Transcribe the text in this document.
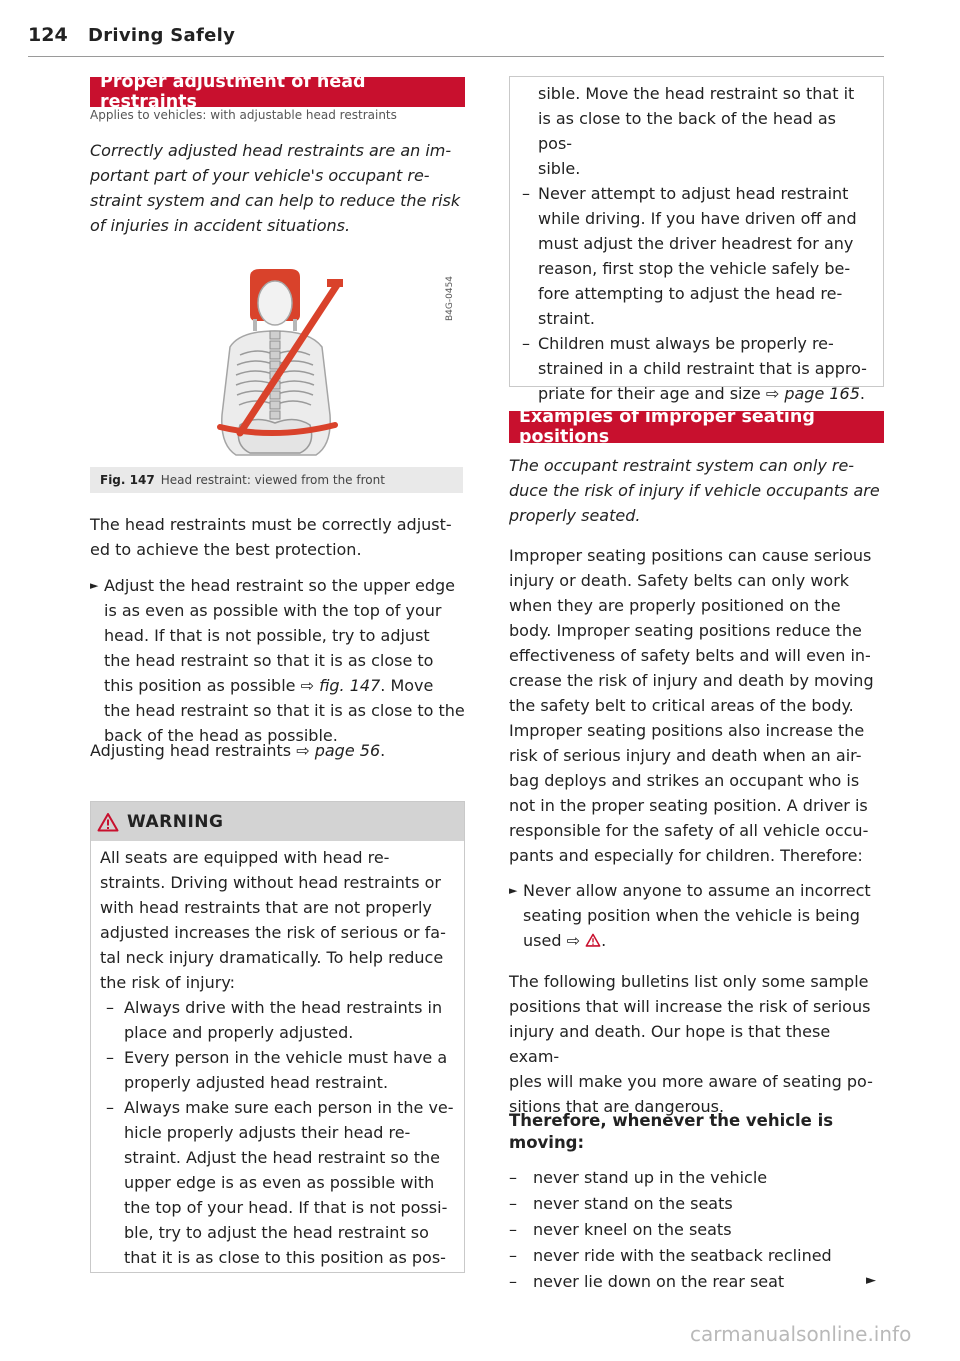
124 Driving Safely
Proper adjustment of head restraints
Applies to vehicles: with adjustable head restraints

Correctly adjusted head restraints are an im-

portant part of your vehicle's occupant re-

straint system and can help to reduce the risk

of injuries in accident situations.

B4G-0454
Fig. 147 Head restraint: viewed from the front

The head restraints must be correctly adjust-

ed to achieve the best protection.

► Adjust the head restraint so the upper edge

is as even as possible with the top of your

head. If that is not possible, try to adjust

the head restraint so that it is as close to

this position as possible ⇨ fig. 147. Move

the head restraint so that it is as close to the

back of the head as possible.

Adjusting head restraints ⇨ page 56.

WARNING

All seats are equipped with head re-

straints. Driving without head restraints or

with head restraints that are not properly

adjusted increases the risk of serious or fa-

tal neck injury dramatically. To help reduce

the risk of injury:

– Always drive with the head restraints in

place and properly adjusted.

– Every person in the vehicle must have a

properly adjusted head restraint.

– Always make sure each person in the ve-

hicle properly adjusts their head re-

straint. Adjust the head restraint so the

upper edge is as even as possible with

the top of your head. If that is not possi-

ble, try to adjust the head restraint so

that it is as close to this position as pos-

sible. Move the head restraint so that it

is as close to the back of the head as pos-

sible.

– Never attempt to adjust head restraint

while driving. If you have driven off and

must adjust the driver headrest for any

reason, first stop the vehicle safely be-

fore attempting to adjust the head re-

straint.

– Children must always be properly re-

strained in a child restraint that is appro-

priate for their age and size ⇨ page 165.

Examples of improper seating positions

The occupant restraint system can only re-

duce the risk of injury if vehicle occupants are

properly seated.

Improper seating positions can cause serious

injury or death. Safety belts can only work

when they are properly positioned on the

body. Improper seating positions reduce the

effectiveness of safety belts and will even in-

crease the risk of injury and death by moving

the safety belt to critical areas of the body.

Improper seating positions also increase the

risk of serious injury and death when an air-

bag deploys and strikes an occupant who is

not in the proper seating position. A driver is

responsible for the safety of all vehicle occu-

pants and especially for children. Therefore:

► Never allow anyone to assume an incorrect

seating position when the vehicle is being

used ⇨ .

The following bulletins list only some sample

positions that will increase the risk of serious

injury and death. Our hope is that these exam-

ples will make you more aware of seating po-

sitions that are dangerous.

Therefore, whenever the vehicle is

moving:

– never stand up in the vehicle

– never stand on the seats

– never kneel on the seats

– never ride with the seatback reclined

– never lie down on the rear seat	►
carmanualsonline.info
